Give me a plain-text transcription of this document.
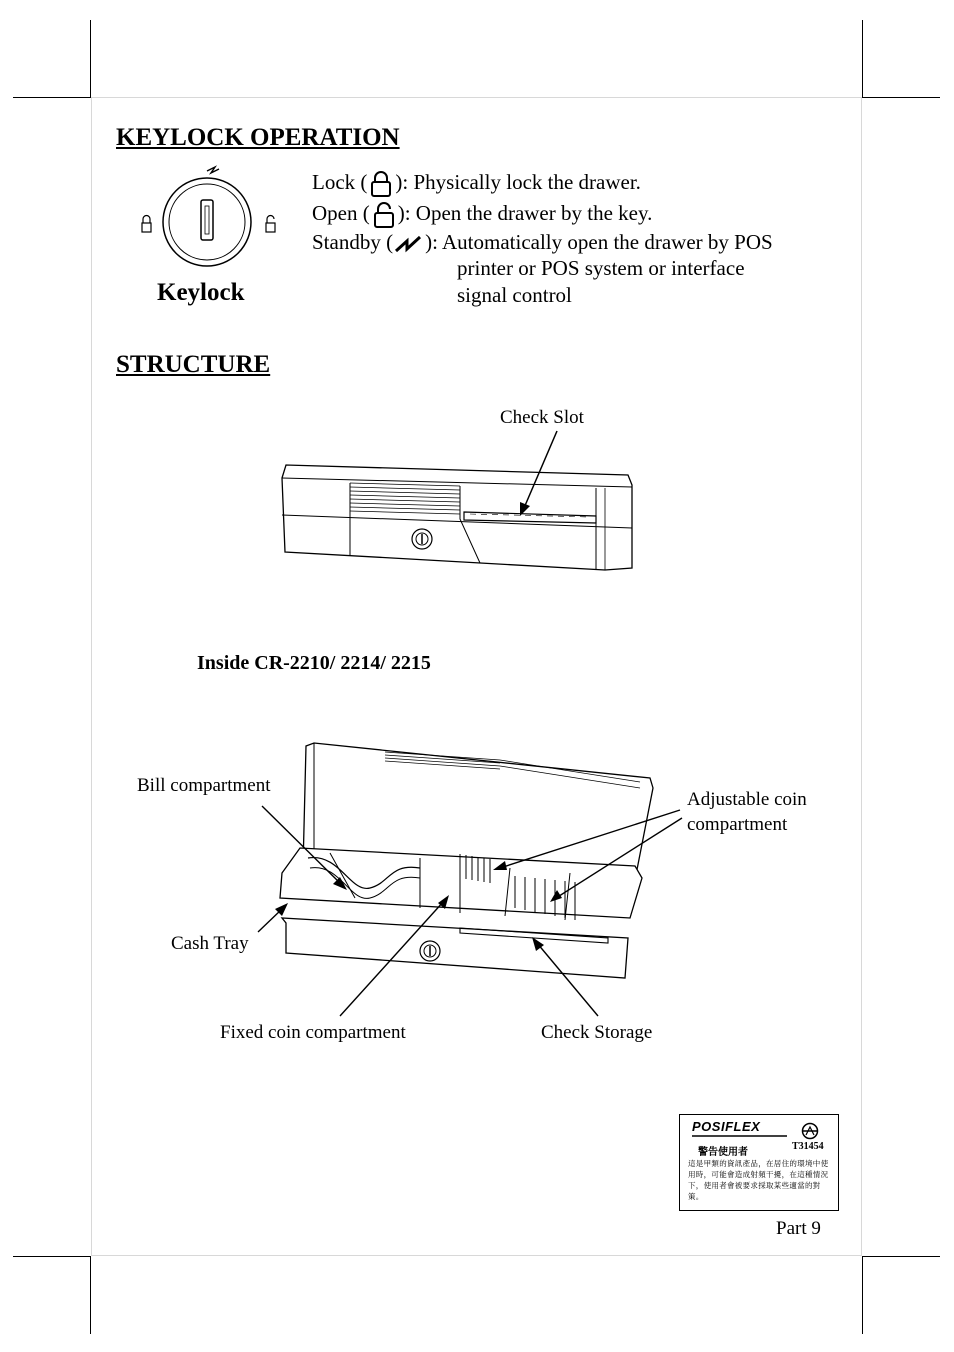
KEYLOCK OPERATION
Keylock
Lock ( ): Physically lock the drawer.
Open ( ): Open the drawer by the key.
Standby ( ): Automatically open the drawer by POS
printer or POS system or interface
signal control
STRUCTURE
Check Slot
Inside CR-2210/ 2214/ 2215
Bill compartment
Adjustable coin
compartment
Cash Tray
Fixed coin compartment	Check Storage
POSIFLEX
T31454
警告使用者
這是甲類的資訊產品，在居住的環境中使用時，可能會造成射頻干擾，在這種情況下，使用者會被要求採取某些適當的對策。
Part 9
